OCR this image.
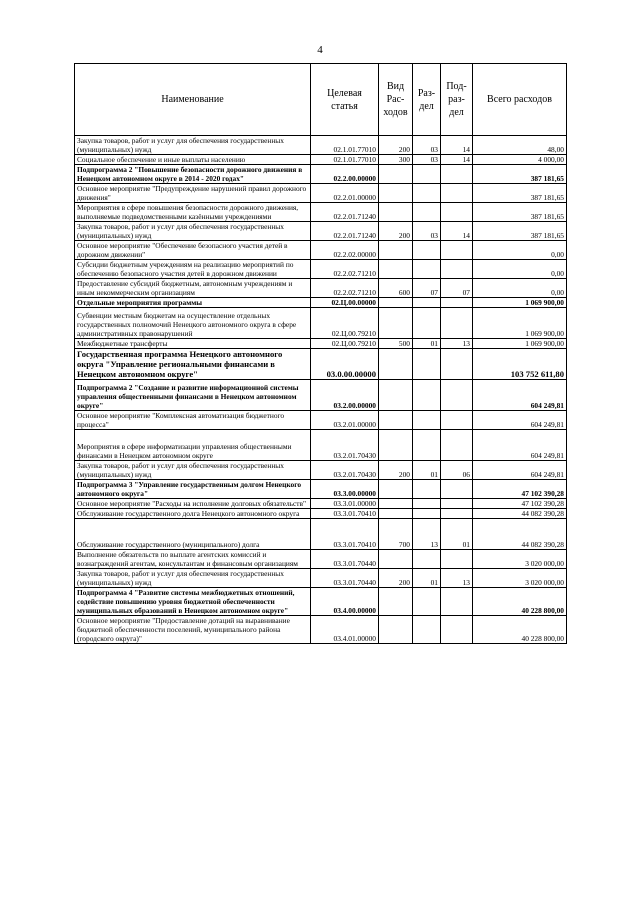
4
Наименование	Целевая статья	Вид Рас- ходов	Раз- дел	Под- раз- дел	Всего расходов
Закупка товаров, работ и услуг для обеспечения государственных (муниципальных) нужд	02.1.01.77010	200	03	14	48,00
Социальное обеспечение и иные выплаты населению	02.1.01.77010	300	03	14	4 000,00
Подпрограмма 2 "Повышение безопасности дорожного движения в Ненецком автономном округе в 2014 - 2020 годах"	02.2.00.00000				387 181,65
Основное мероприятие "Предупреждение нарушений правил дорожного движения"	02.2.01.00000				387 181,65
Мероприятия в сфере повышения безопасности дорожного движения, выполняемые подведомственными казёнными учреждениями	02.2.01.71240				387 181,65
Закупка товаров, работ и услуг для обеспечения государственных (муниципальных) нужд	02.2.01.71240	200	03	14	387 181,65
Основное мероприятие "Обеспечение безопасного участия детей в дорожном движении"	02.2.02.00000				0,00
Субсидии бюджетным учреждениям на реализацию мероприятий по обеспечению безопасного участия детей в дорожном движении	02.2.02.71210				0,00
Предоставление субсидий бюджетным, автономным учреждениям и иным некоммерческим организациям	02.2.02.71210	600	07	07	0,00
Отдельные мероприятия программы	02.Ц.00.00000				1 069 900,00
Субвенции местным бюджетам на осуществление отдельных государственных полномочий Ненецкого автономного округа в сфере административных правонарушений	02.Ц.00.79210				1 069 900,00
Межбюджетные трансферты	02.Ц.00.79210	500	01	13	1 069 900,00
Государственная программа Ненецкого автономного округа "Управление региональными финансами в Ненецком автономном округе"	03.0.00.00000				103 752 611,80
Подпрограмма 2 "Создание и развитие информационной системы управления общественными финансами в Ненецком автономном округе"	03.2.00.00000				604 249,81
Основное мероприятие "Комплексная автоматизация бюджетного процесса"	03.2.01.00000				604 249,81
Мероприятия в сфере информатизации управления общественными финансами в Ненецком автономном округе	03.2.01.70430				604 249,81
Закупка товаров, работ и услуг для обеспечения государственных (муниципальных) нужд	03.2.01.70430	200	01	06	604 249,81
Подпрограмма 3 "Управление государственным долгом Ненецкого автономного округа"	03.3.00.00000				47 102 390,28
Основное мероприятие "Расходы на исполнение долговых обязательств"	03.3.01.00000				47 102 390,28
Обслуживание государственного долга Ненецкого автономного округа	03.3.01.70410				44 082 390,28
Обслуживание государственного (муниципального) долга	03.3.01.70410	700	13	01	44 082 390,28
Выполнение обязательств по выплате агентских комиссий и вознаграждений агентам, консультантам и финансовым организациям	03.3.01.70440				3 020 000,00
Закупка товаров, работ и услуг для обеспечения государственных (муниципальных) нужд	03.3.01.70440	200	01	13	3 020 000,00
Подпрограмма 4 "Развитие системы межбюджетных отношений, содействие повышению уровня бюджетной обеспеченности муниципальных образований в Ненецком автономном округе"	03.4.00.00000				40 228 800,00
Основное мероприятие "Предоставление дотаций на выравнивание бюджетной обеспеченности поселений, муниципального района (городского округа)"	03.4.01.00000				40 228 800,00
